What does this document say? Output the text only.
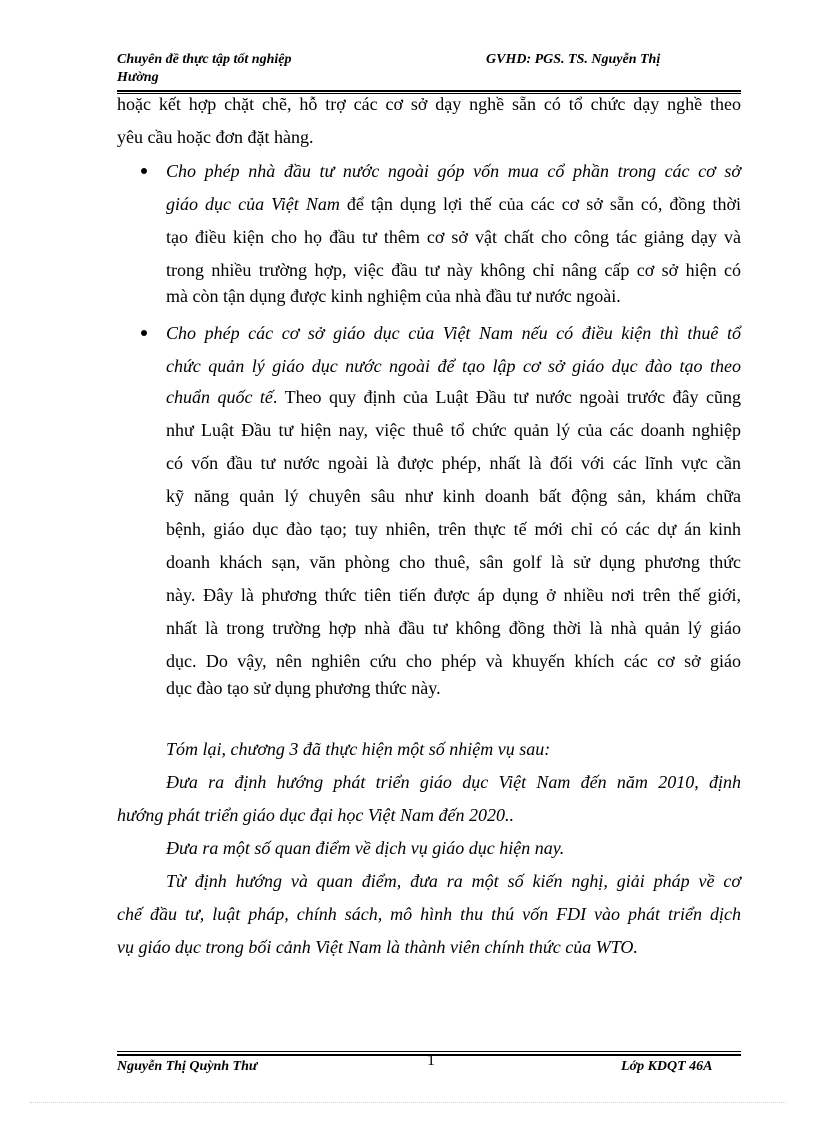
Chuyên đề thực tập tốt nghiệp	GVHD: PGS. TS. Nguyễn Thị
Hường
hoặc kết hợp chặt chẽ, hỗ trợ các cơ sở dạy nghề sẵn có tổ chức dạy nghề theo
yêu cầu hoặc đơn đặt hàng.
Cho phép nhà đầu tư nước ngoài góp vốn mua cổ phần trong các cơ sở
giáo dục của Việt Nam để tận dụng lợi thế của các cơ sở sẵn có, đồng thời
tạo điều kiện cho họ đầu tư thêm cơ sở vật chất cho công tác giảng dạy và
trong nhiều trường hợp, việc đầu tư này không chỉ nâng cấp cơ sở hiện có
mà còn tận dụng được kinh nghiệm của nhà đầu tư nước ngoài.
Cho phép các cơ sở giáo dục của Việt Nam nếu có điều kiện thì thuê tổ
chức quản lý giáo dục nước ngoài để tạo lập cơ sở giáo dục đào tạo theo
chuẩn quốc tế. Theo quy định của Luật Đầu tư nước ngoài trước đây cũng
như Luật Đầu tư hiện nay, việc thuê tổ chức quản lý của các doanh nghiệp
có vốn đầu tư nước ngoài là được phép, nhất là đối với các lĩnh vực cần
kỹ năng quản lý chuyên sâu như kinh doanh bất động sản, khám chữa
bệnh, giáo dục đào tạo; tuy nhiên, trên thực tế mới chỉ có các dự án kinh
doanh khách sạn, văn phòng cho thuê, sân golf là sử dụng phương thức
này. Đây là phương thức tiên tiến được áp dụng ở nhiều nơi trên thế giới,
nhất là trong trường hợp nhà đầu tư không đồng thời là nhà quản lý giáo
dục. Do vậy, nên nghiên cứu cho phép và khuyến khích các cơ sở giáo
dục đào tạo sử dụng phương thức này.
Tóm lại, chương 3 đã thực hiện một số nhiệm vụ sau:
Đưa ra định hướng phát triển giáo dục Việt Nam đến năm 2010, định
hướng phát triển giáo dục đại học Việt Nam đến 2020..
Đưa ra một số quan điểm về dịch vụ giáo dục hiện nay.
Từ định hướng và quan điểm, đưa ra một số kiến nghị, giải pháp về cơ
chế đầu tư, luật pháp, chính sách, mô hình thu thú vốn FDI vào phát triển dịch
vụ giáo dục trong bối cảnh Việt Nam là thành viên chính thức của WTO.
1
Nguyễn Thị Quỳnh Thư	Lớp KDQT 46A
